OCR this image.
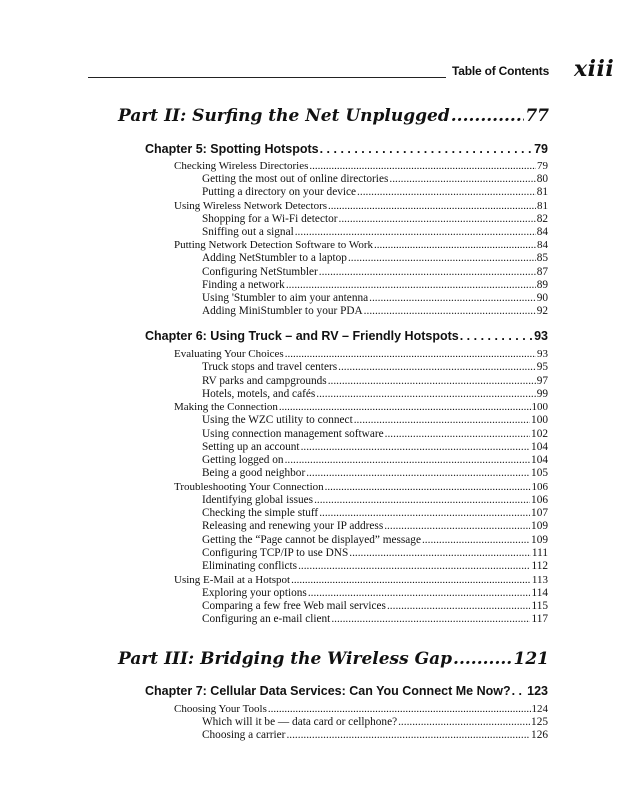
Table of Contents xiii
Part II: Surfing the Net Unplugged .....	77
Chapter 5: Spotting Hotspots . . .	79
Checking Wireless Directories .....	79
Getting the most out of online directories .....	80
Putting a directory on your device .....	81
Using Wireless Network Detectors .....	81
Shopping for a Wi-Fi detector .....	82
Sniffing out a signal .....	84
Putting Network Detection Software to Work .....	84
Adding NetStumbler to a laptop .....	85
Configuring NetStumbler .....	87
Finding a network .....	89
Using 'Stumbler to aim your antenna .....	90
Adding MiniStumbler to your PDA .....	92
Chapter 6: Using Truck – and RV – Friendly Hotspots . . .	93
Evaluating Your Choices .....	93
Truck stops and travel centers .....	95
RV parks and campgrounds .....	97
Hotels, motels, and cafés .....	99
Making the Connection .....	100
Using the WZC utility to connect .....	100
Using connection management software .....	102
Setting up an account .....	104
Getting logged on .....	104
Being a good neighbor .....	105
Troubleshooting Your Connection .....	106
Identifying global issues .....	106
Checking the simple stuff .....	107
Releasing and renewing your IP address .....	109
Getting the “Page cannot be displayed” message .....	109
Configuring TCP/IP to use DNS .....	111
Eliminating conflicts .....	112
Using E-Mail at a Hotspot .....	113
Exploring your options .....	114
Comparing a few free Web mail services .....	115
Configuring an e-mail client .....	117
Part III: Bridging the Wireless Gap .....	121
Chapter 7: Cellular Data Services: Can You Connect Me Now? . . . 123
Choosing Your Tools .....	124
Which will it be — data card or cellphone? .....	125
Choosing a carrier .....	126
